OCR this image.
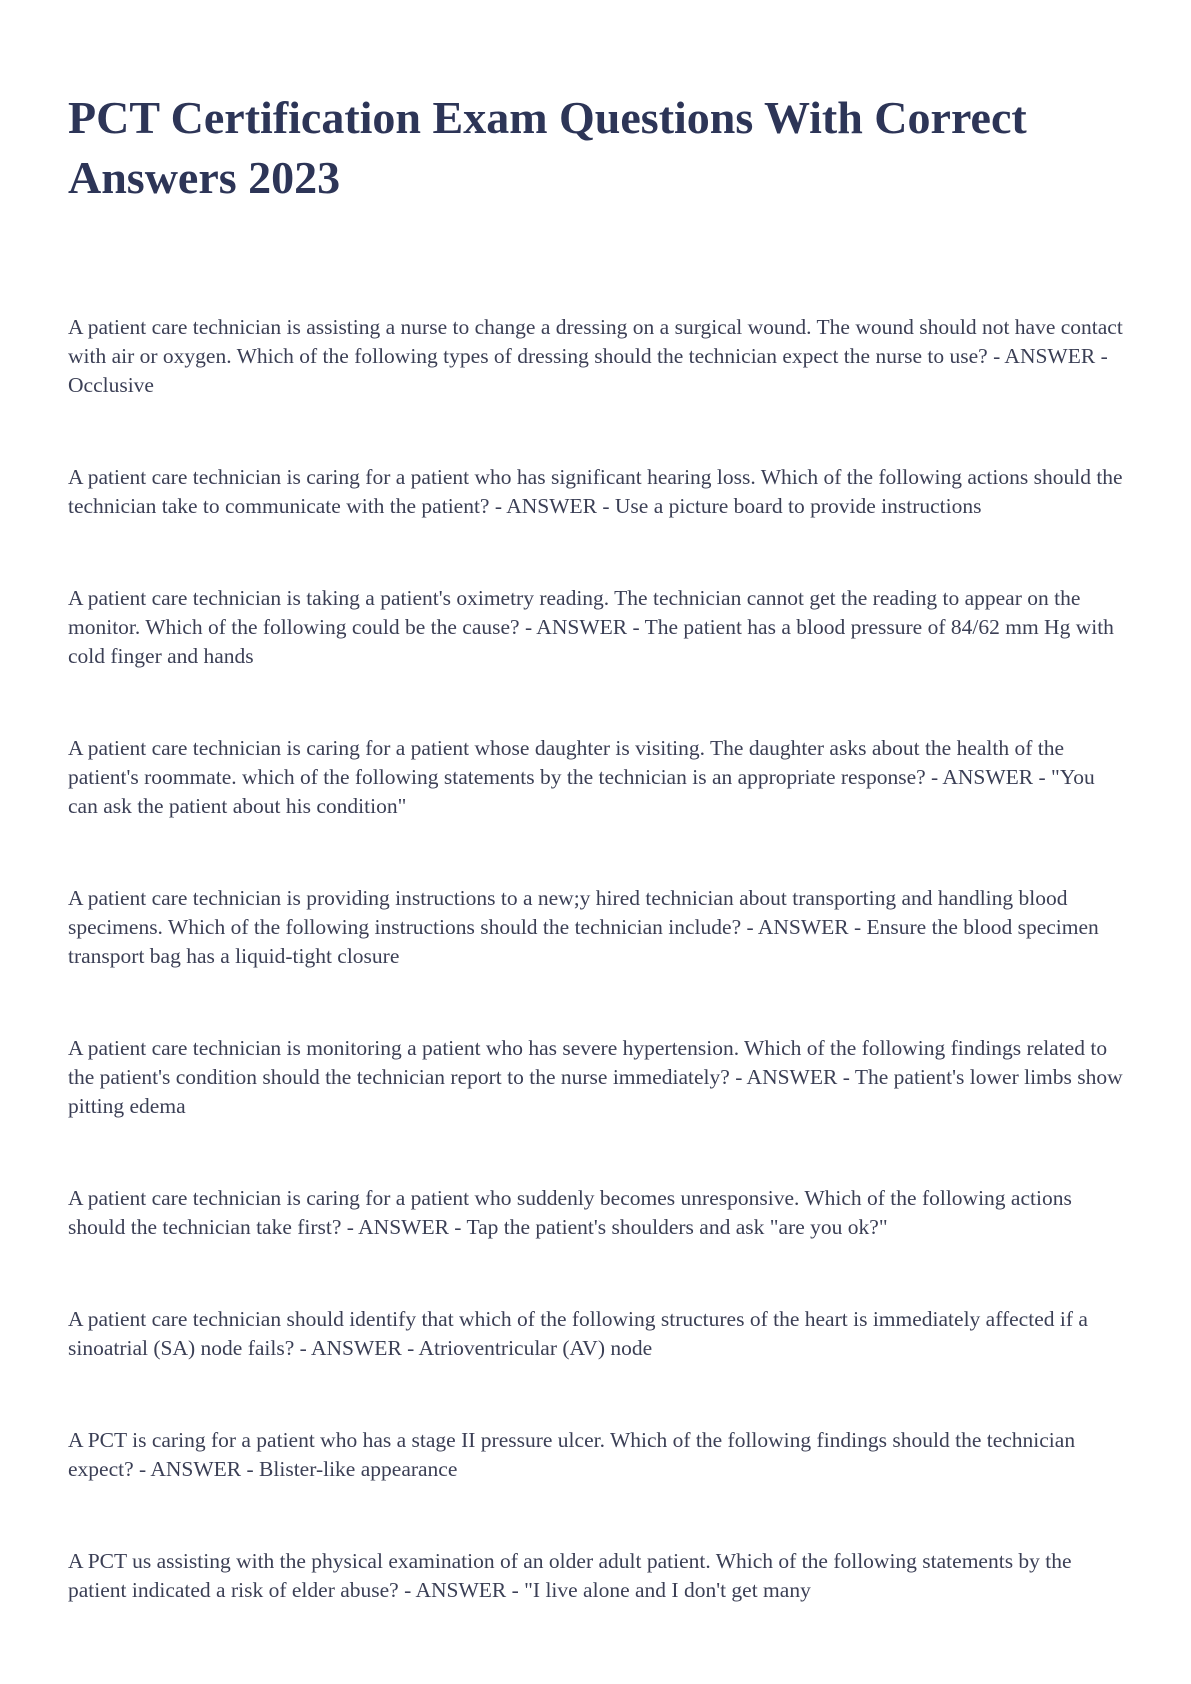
PCT Certification Exam Questions With Correct Answers 2023

A patient care technician is assisting a nurse to change a dressing on a surgical wound. The wound should not have contact with air or oxygen. Which of the following types of dressing should the technician expect the nurse to use? - ANSWER - Occlusive

A patient care technician is caring for a patient who has significant hearing loss. Which of the following actions should the technician take to communicate with the patient? - ANSWER - Use a picture board to provide instructions

A patient care technician is taking a patient's oximetry reading. The technician cannot get the reading to appear on the monitor. Which of the following could be the cause? - ANSWER - The patient has a blood pressure of 84/62 mm Hg with cold finger and hands

A patient care technician is caring for a patient whose daughter is visiting. The daughter asks about the health of the patient's roommate. which of the following statements by the technician is an appropriate response? - ANSWER - "You can ask the patient about his condition"

A patient care technician is providing instructions to a new;y hired technician about transporting and handling blood specimens. Which of the following instructions should the technician include? - ANSWER - Ensure the blood specimen transport bag has a liquid-tight closure

A patient care technician is monitoring a patient who has severe hypertension. Which of the following findings related to the patient's condition should the technician report to the nurse immediately? - ANSWER - The patient's lower limbs show pitting edema

A patient care technician is caring for a patient who suddenly becomes unresponsive. Which of the following actions should the technician take first? - ANSWER - Tap the patient's shoulders and ask "are you ok?"

A patient care technician should identify that which of the following structures of the heart is immediately affected if a sinoatrial (SA) node fails? - ANSWER - Atrioventricular (AV) node

A PCT is caring for a patient who has a stage II pressure ulcer. Which of the following findings should the technician expect? - ANSWER - Blister-like appearance

A PCT us assisting with the physical examination of an older adult patient. Which of the following statements by the patient indicated a risk of elder abuse? - ANSWER - "I live alone and I don't get many
